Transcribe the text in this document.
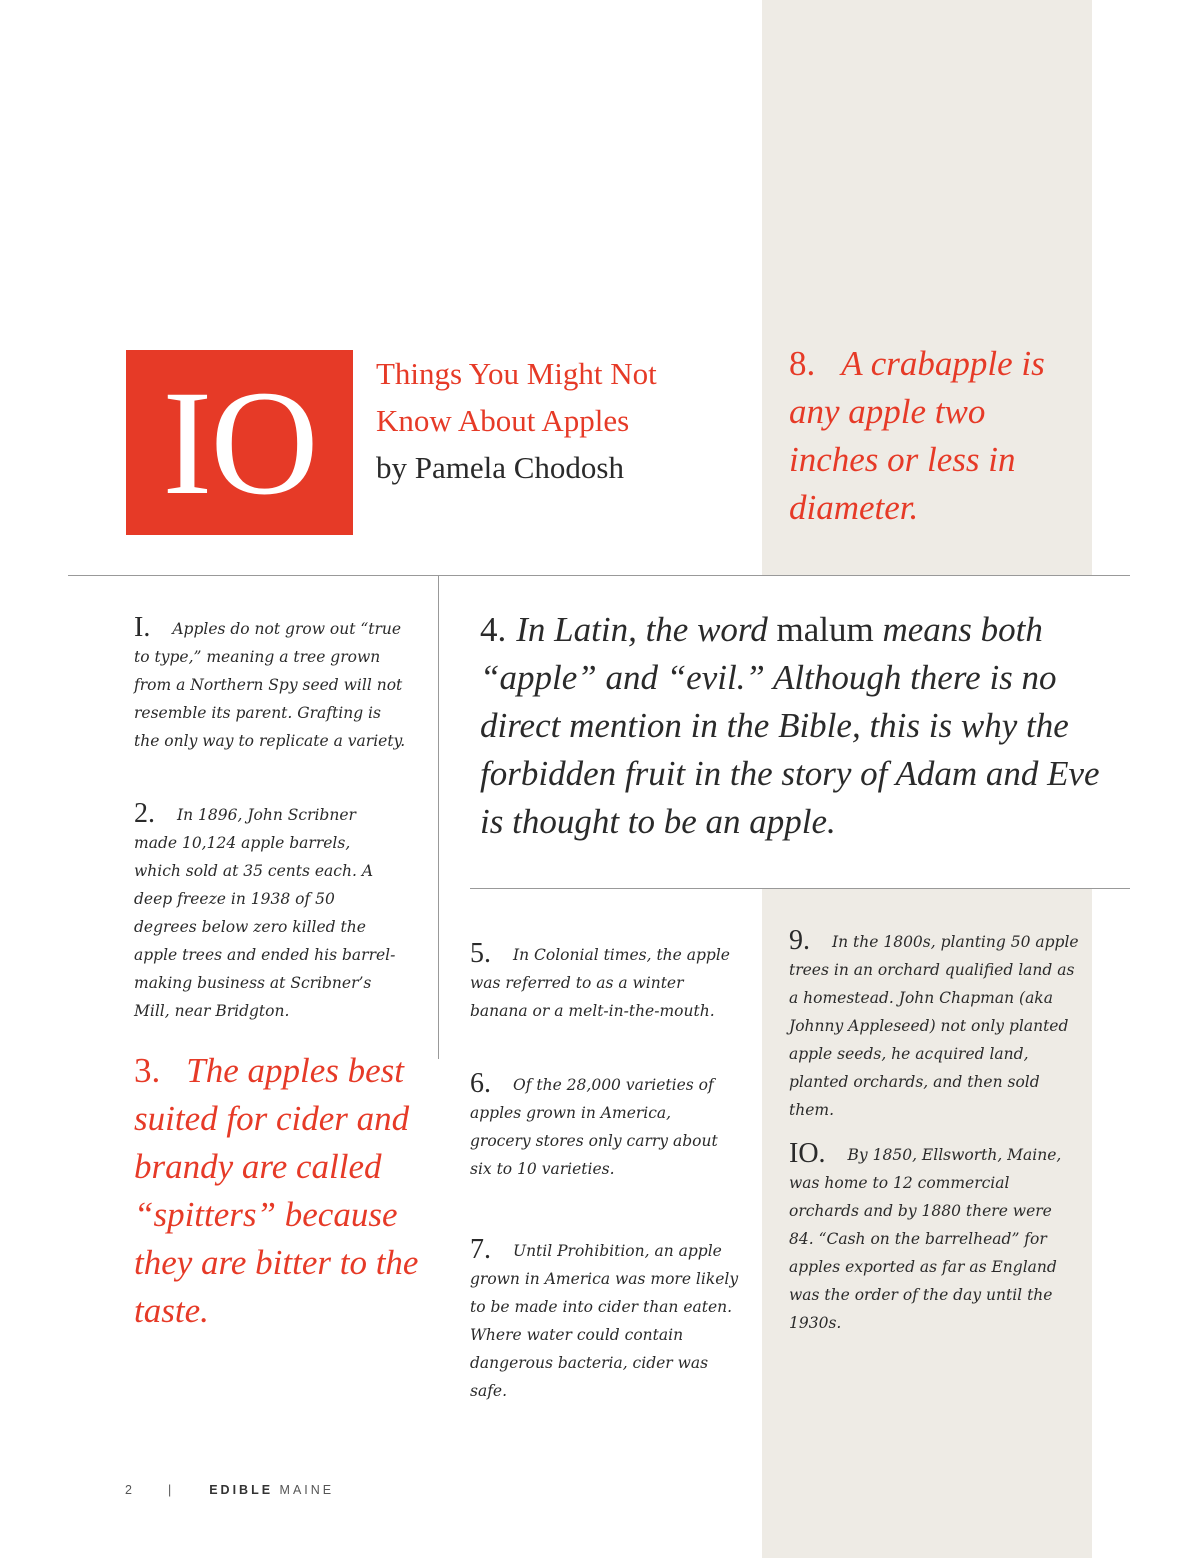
IO	Things You Might Not
Know About Apples
by Pamela Chodosh
8. A crabapple is any apple two inches or less in diameter.

I. Apples do not grow out “true to type,” meaning a tree grown from a Northern Spy seed will not resemble its parent. Grafting is the only way to replicate a variety.

2. In 1896, John Scribner made 10,124 apple barrels, which sold at 35 cents each. A deep freeze in 1938 of 50 degrees below zero killed the apple trees and ended his barrel-making business at Scribner’s Mill, near Bridgton.

3. The apples best suited for cider and brandy are called “spitters” because they are bitter to the taste.
4. In Latin, the word malum means both “apple” and “evil.” Although there is no direct mention in the Bible, this is why the forbidden fruit in the story of Adam and Eve is thought to be an apple.

5. In Colonial times, the apple was referred to as a winter banana or a melt-in-the-mouth.

6. Of the 28,000 varieties of apples grown in America, grocery stores only carry about six to 10 varieties.

7. Until Prohibition, an apple grown in America was more likely to be made into cider than eaten. Where water could contain dangerous bacteria, cider was safe.

9. In the 1800s, planting 50 apple trees in an orchard qualified land as a homestead. John Chapman (aka Johnny Appleseed) not only planted apple seeds, he acquired land, planted orchards, and then sold them.

IO. By 1850, Ellsworth, Maine, was home to 12 commercial orchards and by 1880 there were 84. “Cash on the barrelhead” for apples exported as far as England was the order of the day until the 1930s.

2	|	EDIBLE MAINE
